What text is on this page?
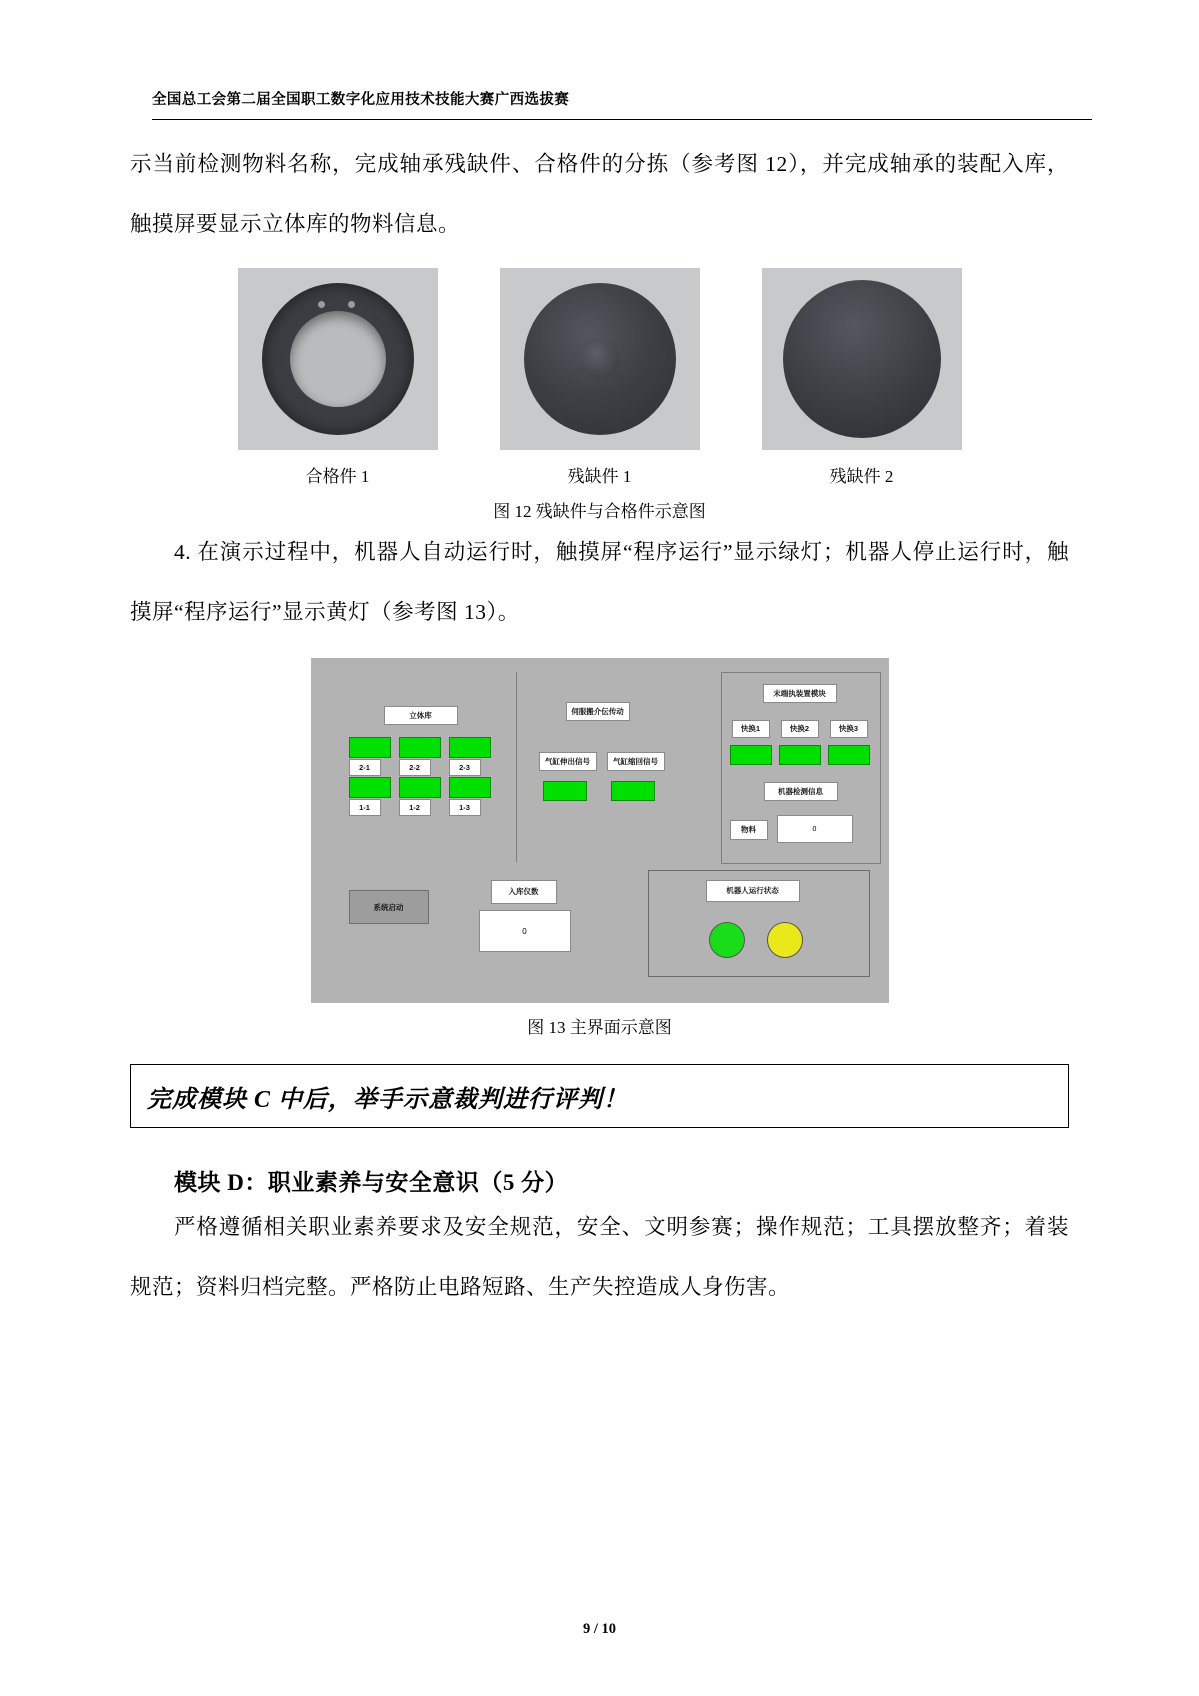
全国总工会第二届全国职工数字化应用技术技能大赛广西选拔赛
示当前检测物料名称，完成轴承残缺件、合格件的分拣（参考图 12），并完成轴承的装配入库，触摸屏要显示立体库的物料信息。
合格件 1	残缺件 1	残缺件 2
图 12 残缺件与合格件示意图
4. 在演示过程中，机器人自动运行时，触摸屏“程序运行”显示绿灯；机器人停止运行时，触摸屏“程序运行”显示黄灯（参考图 13）。
立体库
2-1	2-2	2-3
1-1	1-2	1-3
伺服搬介伝传动
气缸伸出信号	气缸缩回信号
末端执装置模块
快换1	快换2	快换3
机器检测信息
物料	0
系统启动
入库仪数
0
机器人运行状态
图 13 主界面示意图
完成模块 C 中后，举手示意裁判进行评判！
模块 D：职业素养与安全意识（5 分）
严格遵循相关职业素养要求及安全规范，安全、文明参赛；操作规范；工具摆放整齐；着装规范；资料归档完整。严格防止电路短路、生产失控造成人身伤害。
9 / 10
